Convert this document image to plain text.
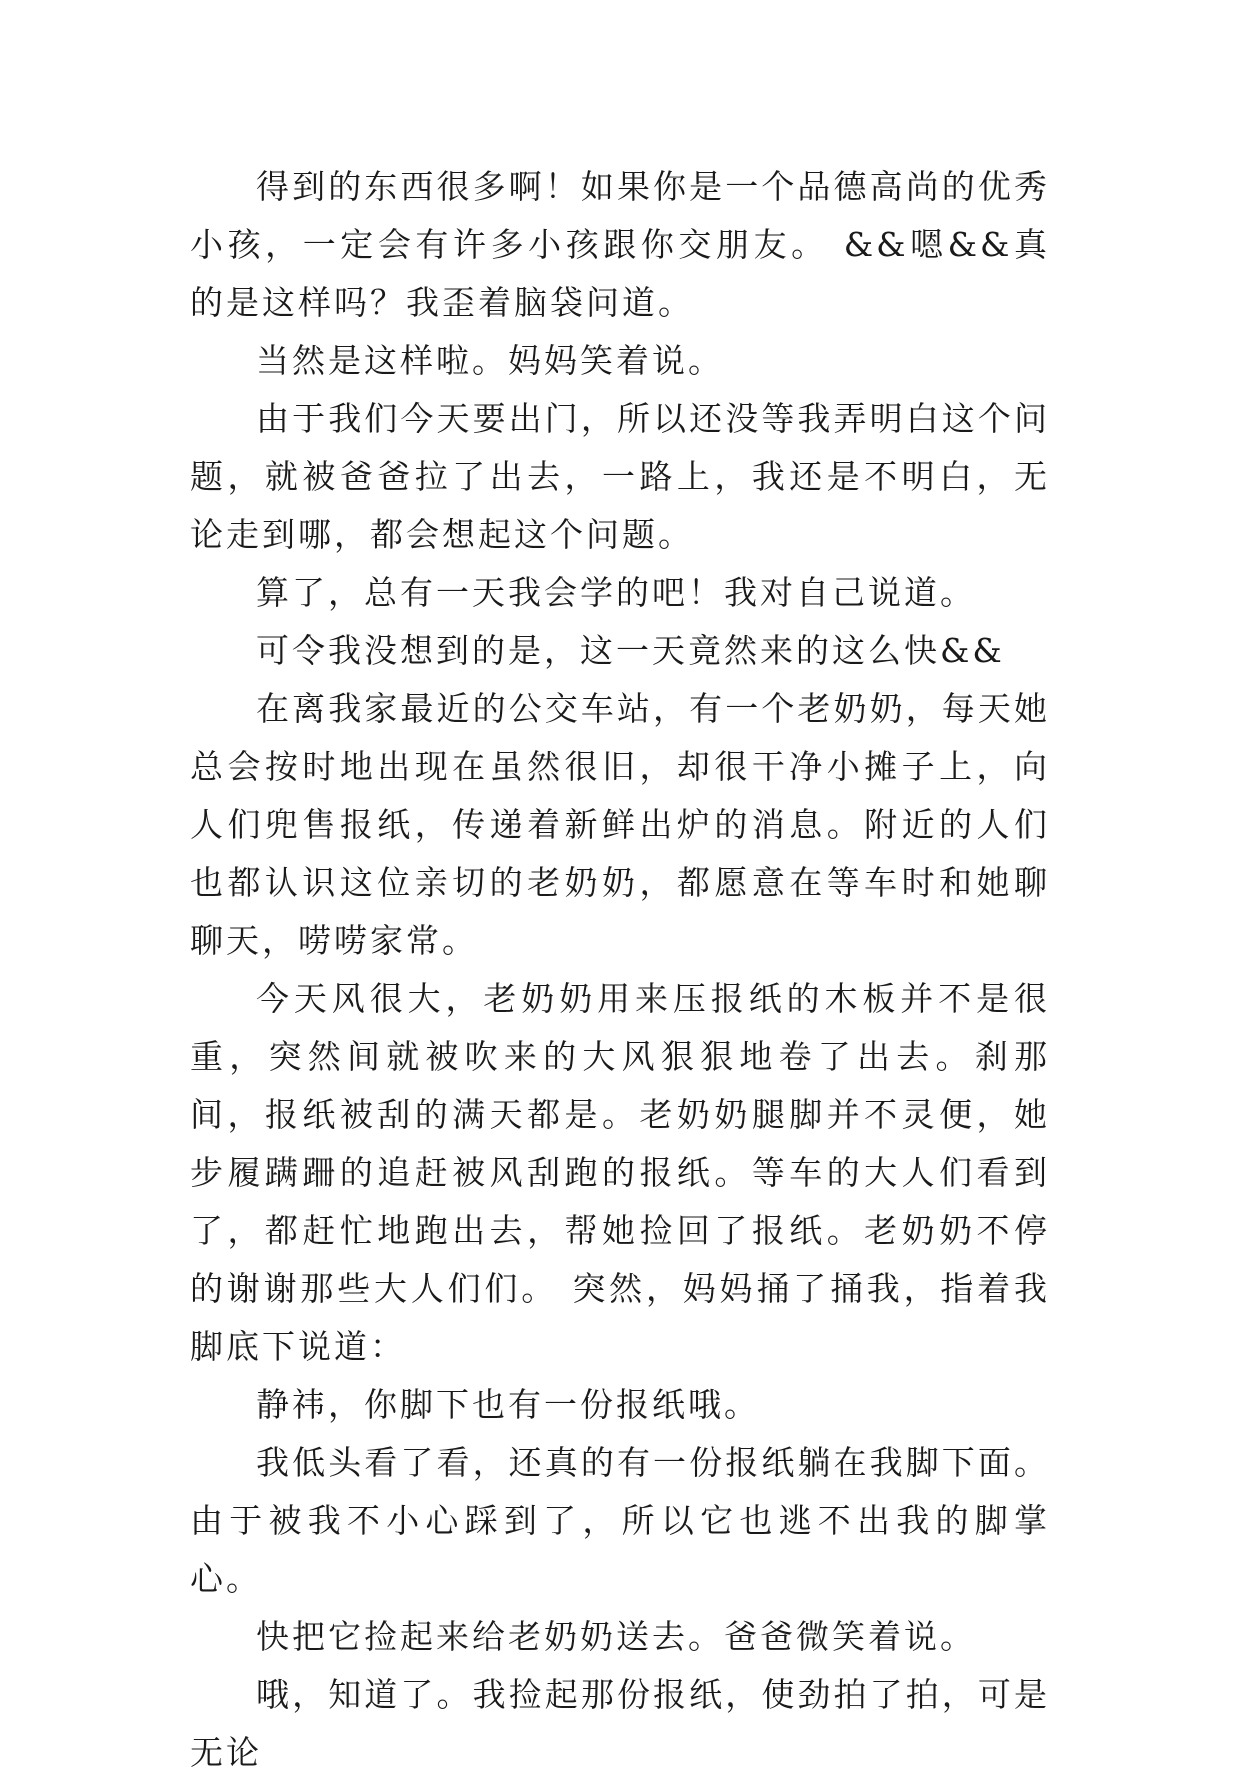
得到的东西很多啊！如果你是一个品德高尚的优秀小孩，一定会有许多小孩跟你交朋友。 &&嗯&&真的是这样吗？我歪着脑袋问道。

当然是这样啦。妈妈笑着说。

由于我们今天要出门，所以还没等我弄明白这个问题，就被爸爸拉了出去，一路上，我还是不明白，无论走到哪，都会想起这个问题。

算了，总有一天我会学的吧！我对自己说道。

可令我没想到的是，这一天竟然来的这么快&&

在离我家最近的公交车站，有一个老奶奶，每天她总会按时地出现在虽然很旧，却很干净小摊子上，向人们兜售报纸，传递着新鲜出炉的消息。附近的人们也都认识这位亲切的老奶奶，都愿意在等车时和她聊聊天，唠唠家常。

今天风很大，老奶奶用来压报纸的木板并不是很重，突然间就被吹来的大风狠狠地卷了出去。刹那间，报纸被刮的满天都是。老奶奶腿脚并不灵便，她步履蹒跚的追赶被风刮跑的报纸。等车的大人们看到了，都赶忙地跑出去，帮她捡回了报纸。老奶奶不停的谢谢那些大人们们。 突然，妈妈捅了捅我，指着我脚底下说道：

静祎，你脚下也有一份报纸哦。

我低头看了看，还真的有一份报纸躺在我脚下面。由于被我不小心踩到了，所以它也逃不出我的脚掌心。

快把它捡起来给老奶奶送去。爸爸微笑着说。

哦，知道了。我捡起那份报纸，使劲拍了拍，可是无论
